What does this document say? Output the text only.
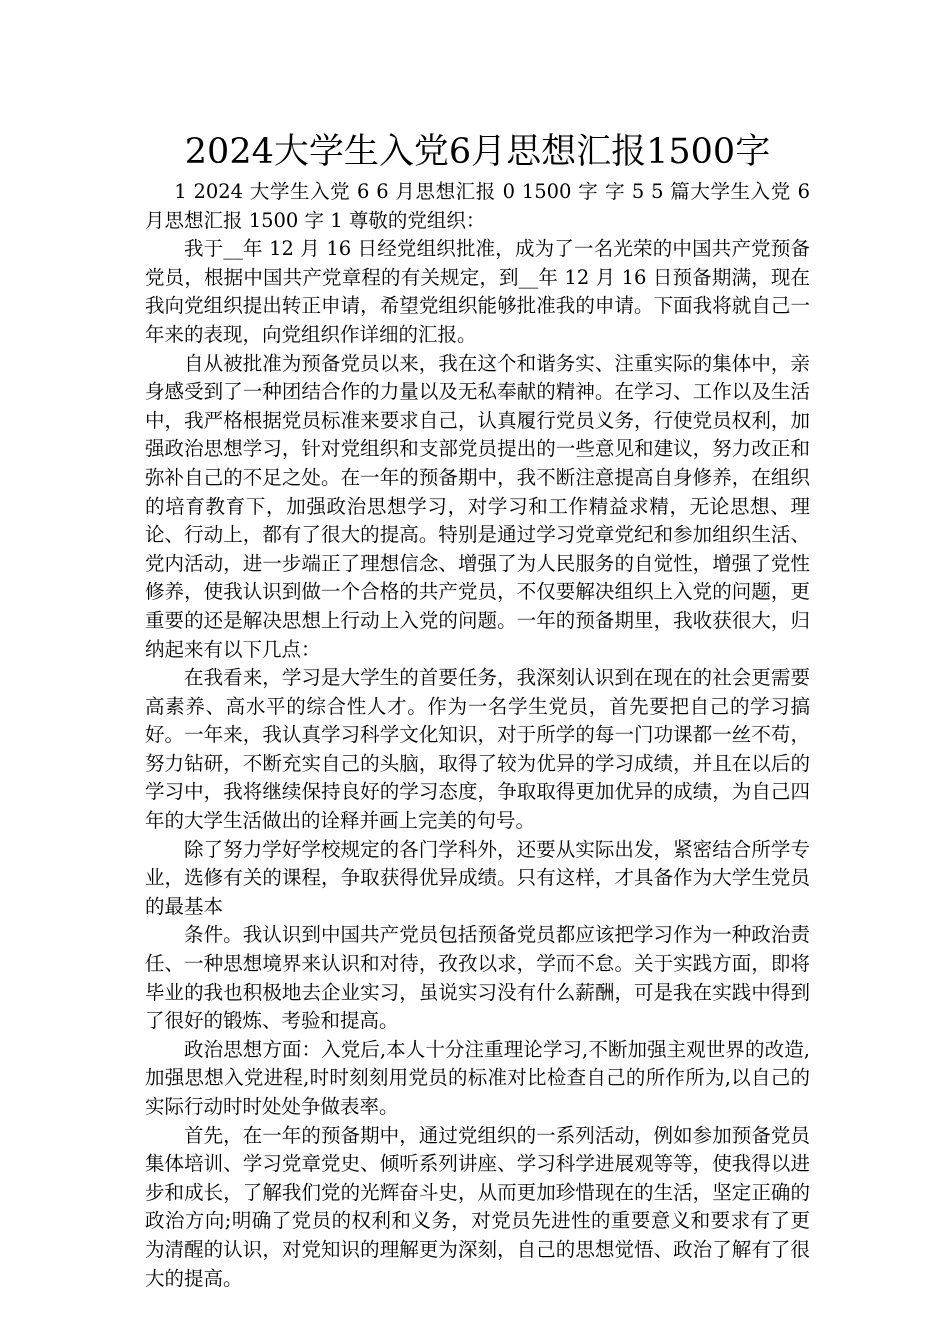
2024大学生入党6月思想汇报1500字

1 2024 大学生入党 6 6 月思想汇报 0 1500 字 字 5 5 篇大学生入党 6 月思想汇报 1500 字 1 尊敬的党组织：

我于__年 12 月 16 日经党组织批准，成为了一名光荣的中国共产党预备党员，根据中国共产党章程的有关规定，到__年 12 月 16 日预备期满，现在我向党组织提出转正申请，希望党组织能够批准我的申请。下面我将就自己一年来的表现，向党组织作详细的汇报。

自从被批准为预备党员以来，我在这个和谐务实、注重实际的集体中，亲身感受到了一种团结合作的力量以及无私奉献的精神。在学习、工作以及生活中，我严格根据党员标准来要求自己，认真履行党员义务，行使党员权利，加强政治思想学习，针对党组织和支部党员提出的一些意见和建议，努力改正和弥补自己的不足之处。在一年的预备期中，我不断注意提高自身修养，在组织的培育教育下，加强政治思想学习，对学习和工作精益求精，无论思想、理论、行动上，都有了很大的提高。特别是通过学习党章党纪和参加组织生活、党内活动，进一步端正了理想信念、增强了为人民服务的自觉性，增强了党性修养，使我认识到做一个合格的共产党员，不仅要解决组织上入党的问题，更重要的还是解决思想上行动上入党的问题。一年的预备期里，我收获很大，归纳起来有以下几点：

在我看来，学习是大学生的首要任务，我深刻认识到在现在的社会更需要高素养、高水平的综合性人才。作为一名学生党员，首先要把自己的学习搞好。一年来，我认真学习科学文化知识，对于所学的每一门功课都一丝不苟，努力钻研，不断充实自己的头脑，取得了较为优异的学习成绩，并且在以后的学习中，我将继续保持良好的学习态度，争取取得更加优异的成绩，为自己四年的大学生活做出的诠释并画上完美的句号。

除了努力学好学校规定的各门学科外，还要从实际出发，紧密结合所学专业，选修有关的课程，争取获得优异成绩。只有这样，才具备作为大学生党员的最基本

条件。我认识到中国共产党员包括预备党员都应该把学习作为一种政治责任、一种思想境界来认识和对待，孜孜以求，学而不怠。关于实践方面，即将毕业的我也积极地去企业实习，虽说实习没有什么薪酬，可是我在实践中得到了很好的锻炼、考验和提高。

政治思想方面：入党后,本人十分注重理论学习,不断加强主观世界的改造,加强思想入党进程,时时刻刻用党员的标准对比检查自己的所作所为,以自己的实际行动时时处处争做表率。

首先，在一年的预备期中，通过党组织的一系列活动，例如参加预备党员集体培训、学习党章党史、倾听系列讲座、学习科学进展观等等，使我得以进步和成长，了解我们党的光辉奋斗史，从而更加珍惜现在的生活，坚定正确的政治方向;明确了党员的权利和义务，对党员先进性的重要意义和要求有了更为清醒的认识，对党知识的理解更为深刻，自己的思想觉悟、政治了解有了很大的提高。
